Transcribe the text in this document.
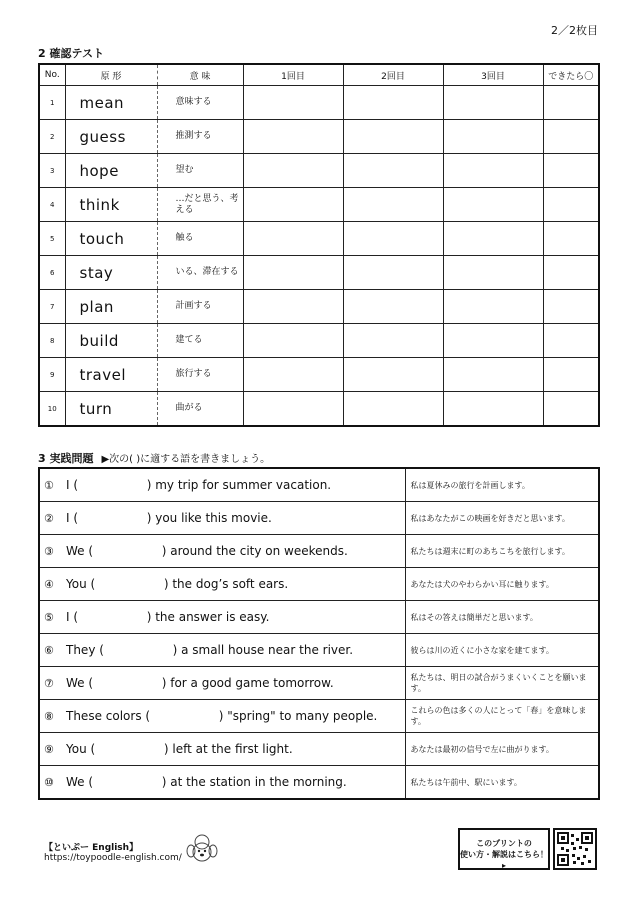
2／2枚目
2 確認テスト
No.	原 形	意 味	1回目	2回目	3回目	できたら〇
1	mean	意味する				
2	guess	推測する				
3	hope	望む				
4	think	…だと思う、考える				
5	touch	触る				
6	stay	いる、滞在する				
7	plan	計画する				
8	build	建てる				
9	travel	旅行する				
10	turn	曲がる				
3 実践問題 ▶次の( )に適する語を書きましょう。
① I ( ) my trip for summer vacation.	私は夏休みの旅行を計画します。
② I ( ) you like this movie.	私はあなたがこの映画を好きだと思います。
③ We ( ) around the city on weekends.	私たちは週末に町のあちこちを旅行します。
④ You ( ) the dog’s soft ears.	あなたは犬のやわらかい耳に触ります。
⑤ I ( ) the answer is easy.	私はその答えは簡単だと思います。
⑥ They ( ) a small house near the river.	彼らは川の近くに小さな家を建てます。
⑦ We ( ) for a good game tomorrow.	私たちは、明日の試合がうまくいくことを願います。
⑧ These colors ( ) "spring" to many people.	これらの色は多くの人にとって「春」を意味します。
⑨ You ( ) left at the first light.	あなたは最初の信号で左に曲がります。
⑩ We ( ) at the station in the morning.	私たちは午前中、駅にいます。
【といぷー English】
https://toypoodle-english.com/
このプリントの
使い方・解説はこちら！▸
